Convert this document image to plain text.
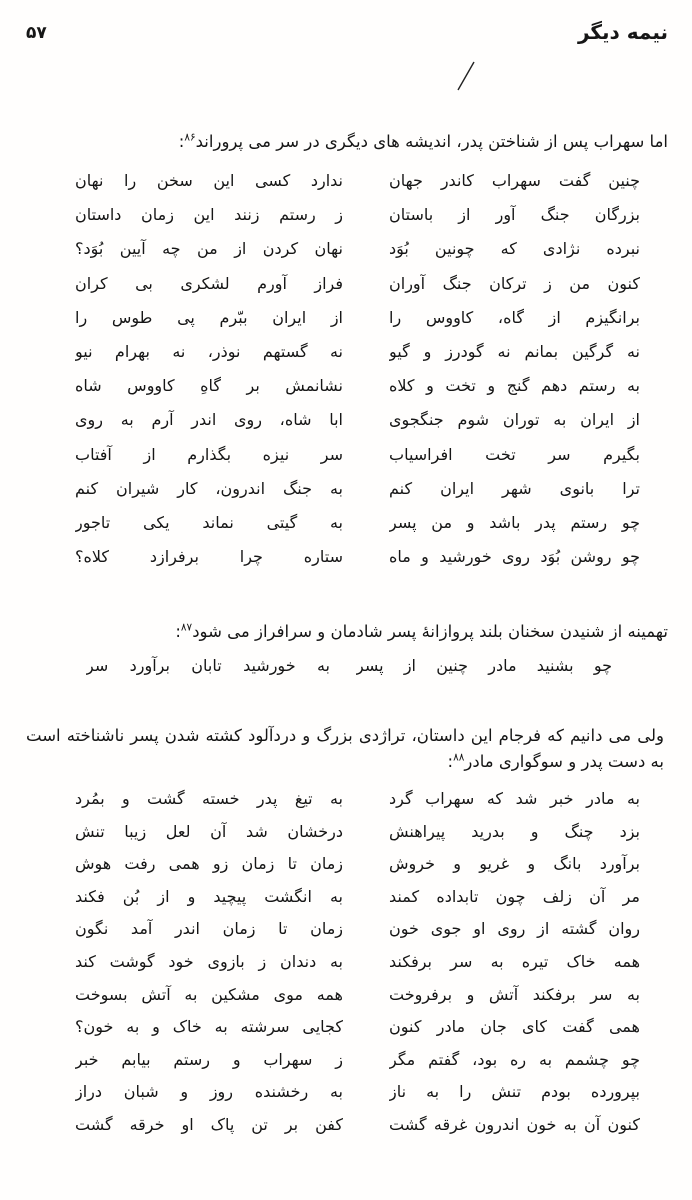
نیمه دیگر
۵۷

اما سهراب پس از شناختن پدر، اندیشه های دیگری در سر می پروراند$^{۸۶}$:

چنین گفت سهراب کاندر جهان
ندارد کسی این سخن را نهان
بزرگان جنگ آور از باستان
ز رستم زنند این زمان داستان
نبرده نژادی که چونین بُوَد
نهان کردن از من چه آیین بُوَد؟
کنون من ز ترکان جنگ آوران
فراز آورم لشکری بی کران
برانگیزم از گاه، کاووس را
از ایران ببّرم پی طوس را
نه گرگین بمانم نه گودرز و گیو
نه گستهم نوذر، نه بهرام نیو
به رستم دهم گنج و تخت و کلاه
نشانمش بر گاهِ کاووس شاه
از ایران به توران شوم جنگجوی
ابا شاه، روی اندر آرم به روی
بگیرم سر تخت افراسیاب
سر نیزه بگذارم از آفتاب
ترا بانوی شهر ایران کنم
به جنگ اندرون، کار شیران کنم
چو رستم پدر باشد و من پسر
به گیتی نماند یکی تاجور
چو روشن بُوَد روی خورشید و ماه
ستاره چرا برفرازد کلاه؟

تهمینه از شنیدن سخنان بلند پروازانهٔ پسر شادمان و سرافراز می شود$^{۸۷}$:

چو بشنید مادر چنین از پسر
به خورشید تابان برآورد سر

ولی می دانیم که فرجام این داستان، تراژدی بزرگ و دردآلود کشته شدن پسر ناشناخته است به دست پدر و سوگواری مادر$^{۸۸}$:

به مادر خبر شد که سهراب گرد
به تیغ پدر خسته گشت و بمُرد
بزد چنگ و بدرید پیراهنش
درخشان شد آن لعل زیبا تنش
برآورد بانگ و غریو و خروش
زمان تا زمان زو همی رفت هوش
مر آن زلف چون تابداده کمند
به انگشت پیچید و از بُن فکند
روان گشته از روی او جوی خون
زمان تا زمان اندر آمد نگون
همه خاک تیره به سر برفکند
به دندان ز بازوی خود گوشت کند
به سر برفکند آتش و برفروخت
همه موی مشکین به آتش بسوخت
همی گفت کای جان مادر کنون
کجایی سرشته به خاک و به خون؟
چو چشمم به ره بود، گفتم مگر
ز سهراب و رستم بیابم خبر
بپرورده بودم تنش را به ناز
به رخشنده روز و شبان دراز
کنون آن به خون اندرون غرقه گشت
کفن بر تن پاک او خرقه گشت
